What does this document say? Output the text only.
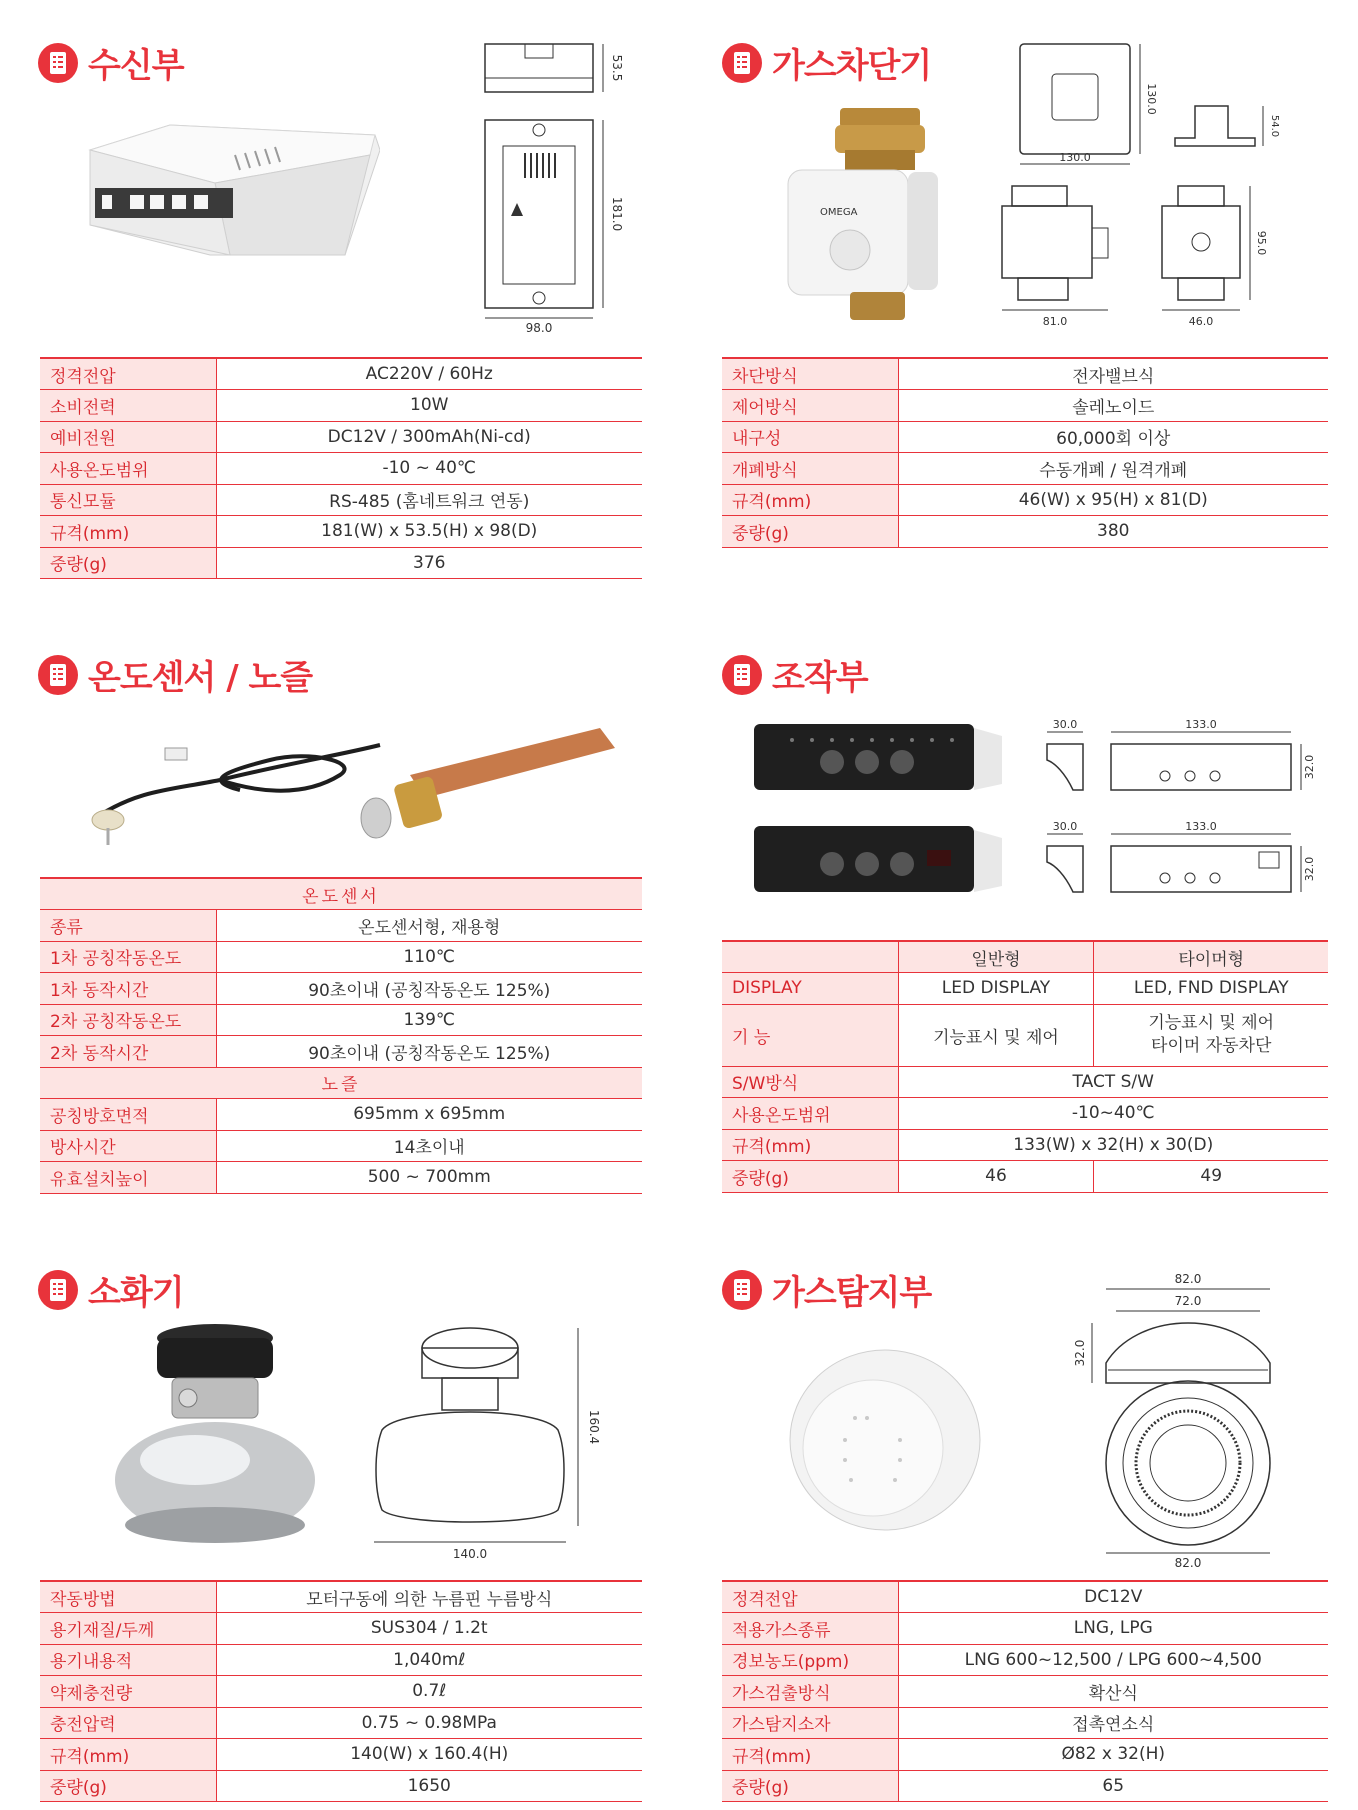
수신부	53.5
181.0
98.0
정격전압	AC220V / 60Hz
소비전력	10W
예비전원	DC12V / 300mAh(Ni-cd)
사용온도범위	-10 ~ 40℃
통신모듈	RS-485 (홈네트워크 연동)
규격(mm)	181(W) x 53.5(H) x 98(D)
중량(g)	376
가스차단기
OMEGA
130.0
130.0
54.0
81.0
95.0
46.0
차단방식	전자밸브식
제어방식	솔레노이드
내구성	60,000회 이상
개폐방식	수동개폐 / 원격개폐
규격(mm)	46(W) x 95(H) x 81(D)
중량(g)	380
온도센서 / 노즐
온도센서	
종류	온도센서형, 재용형
1차 공칭작동온도	110℃
1차 동작시간	90초이내 (공칭작동온도 125%)
2차 공칭작동온도	139℃
2차 동작시간	90초이내 (공칭작동온도 125%)
노즐	
공칭방호면적	695mm x 695mm
방사시간	14초이내
유효설치높이	500 ~ 700mm
조작부
30.0	133.0
32.0
30.0	133.0
32.0
	일반형	타이머형
DISPLAY	LED DISPLAY	LED, FND DISPLAY
기 능	기능표시 및 제어	기능표시 및 제어
타이머 자동차단
S/W방식	TACT S/W	
사용온도범위	-10~40℃	
규격(mm)	133(W) x 32(H) x 30(D)	
중량(g)	46	49
소화기
160.4
140.0
작동방법	모터구동에 의한 누름핀 누름방식
용기재질/두께	SUS304 / 1.2t
용기내용적	1,040mℓ
약제충전량	0.7ℓ
충전압력	0.75 ~ 0.98MPa
규격(mm)	140(W) x 160.4(H)
중량(g)	1650
가스탐지부	82.0
72.0
32.0
82.0
정격전압	DC12V
적용가스종류	LNG, LPG
경보농도(ppm)	LNG 600~12,500 / LPG 600~4,500
가스검출방식	확산식
가스탐지소자	접촉연소식
규격(mm)	Ø82 x 32(H)
중량(g)	65
